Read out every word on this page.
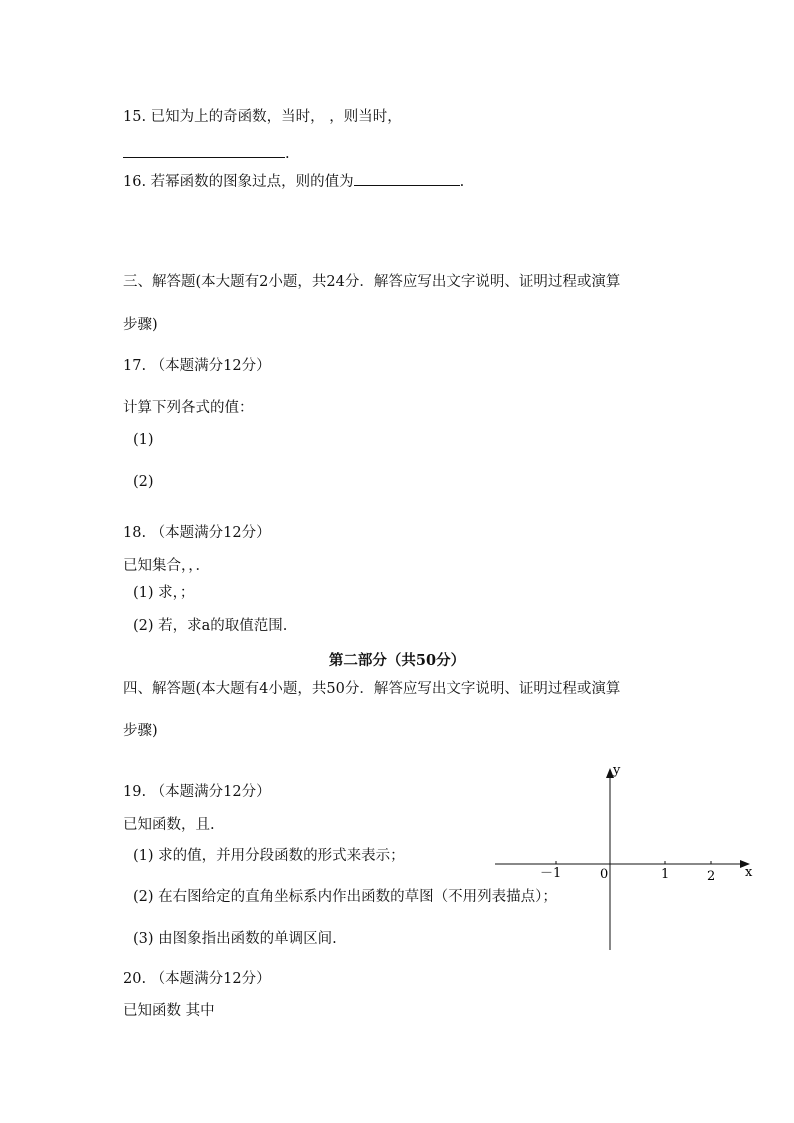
15. 已知为上的奇函数，当时， ，则当时，
.
16. 若幂函数的图象过点，则的值为	.
三、解答题(本大题有2小题，共24分．解答应写出文字说明、证明过程或演算
步骤)
17. （本题满分12分）
计算下列各式的值：
(1)
(2)
18. （本题满分12分）
已知集合，，．
(1) 求，；
(2) 若，求a的取值范围.
第二部分（共50分）
四、解答题(本大题有4小题，共50分．解答应写出文字说明、证明过程或演算
步骤)
19. （本题满分12分）
已知函数，且.
(1) 求的值，并用分段函数的形式来表示；
(2) 在右图给定的直角坐标系内作出函数的草图（不用列表描点）；
(3) 由图象指出函数的单调区间.
y
x
0
－1	1	2
20. （本题满分12分）
已知函数 其中
